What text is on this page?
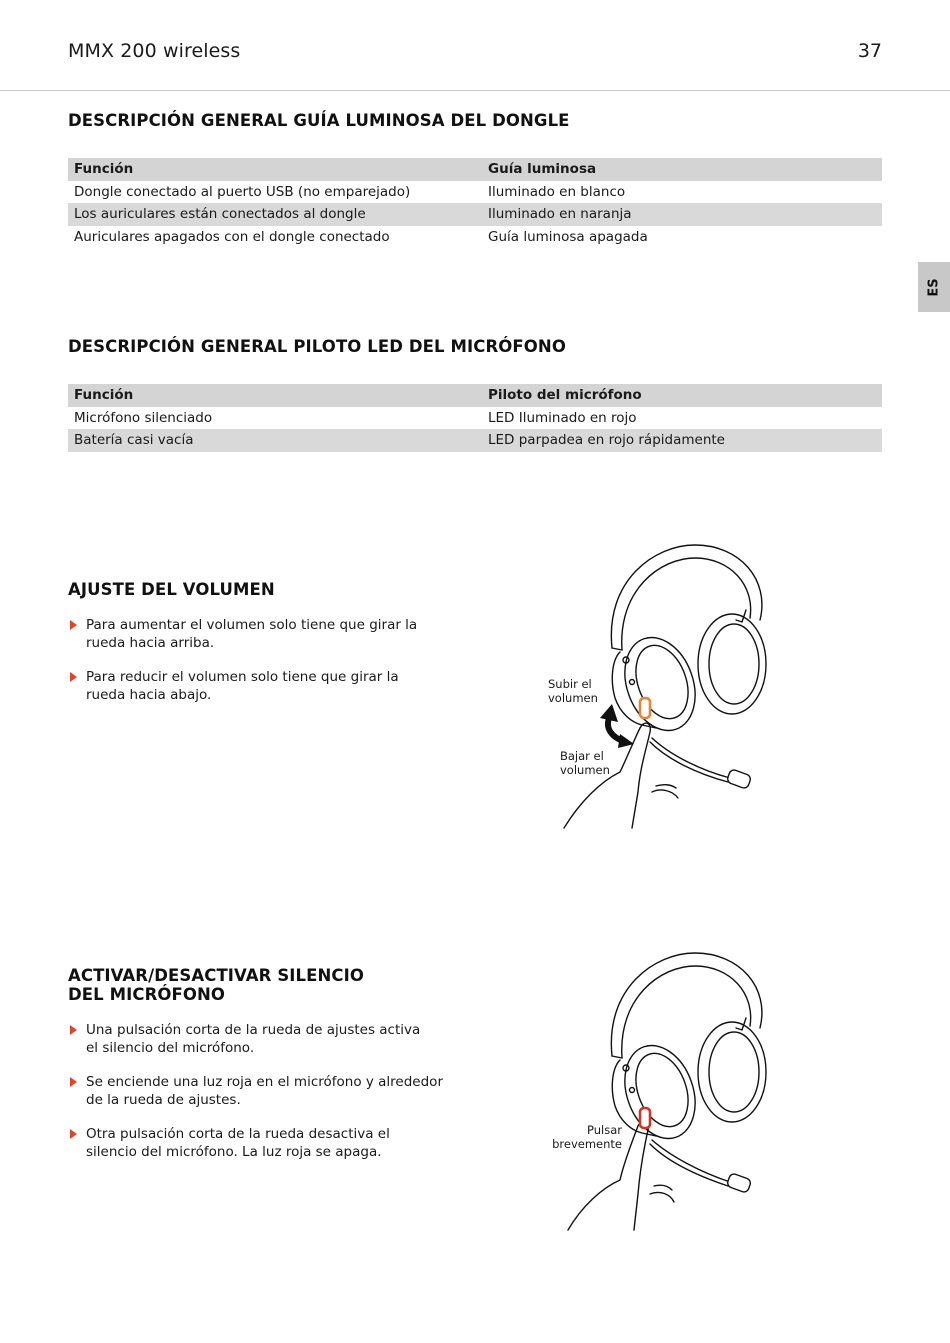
MMX 200 wireless	37
ES
DESCRIPCIÓN GENERAL GUÍA LUMINOSA DEL DONGLE
Función	Guía luminosa
Dongle conectado al puerto USB (no emparejado)	Iluminado en blanco
Los auriculares están conectados al dongle	Iluminado en naranja
Auriculares apagados con el dongle conectado	Guía luminosa apagada
DESCRIPCIÓN GENERAL PILOTO LED DEL MICRÓFONO
Función	Piloto del micrófono
Micrófono silenciado	LED Iluminado en rojo
Batería casi vacía	LED parpadea en rojo rápidamente
AJUSTE DEL VOLUMEN
Para aumentar el volumen solo tiene que girar la
rueda hacia arriba.
Para reducir el volumen solo tiene que girar la
rueda hacia abajo.
Subir el
volumen
Bajar el
volumen
ACTIVAR/DESACTIVAR SILENCIO
DEL MICRÓFONO
Una pulsación corta de la rueda de ajustes activa
el silencio del micrófono.
Se enciende una luz roja en el micrófono y alrededor
de la rueda de ajustes.
Otra pulsación corta de la rueda desactiva el
silencio del micrófono. La luz roja se apaga.
Pulsar
brevemente
